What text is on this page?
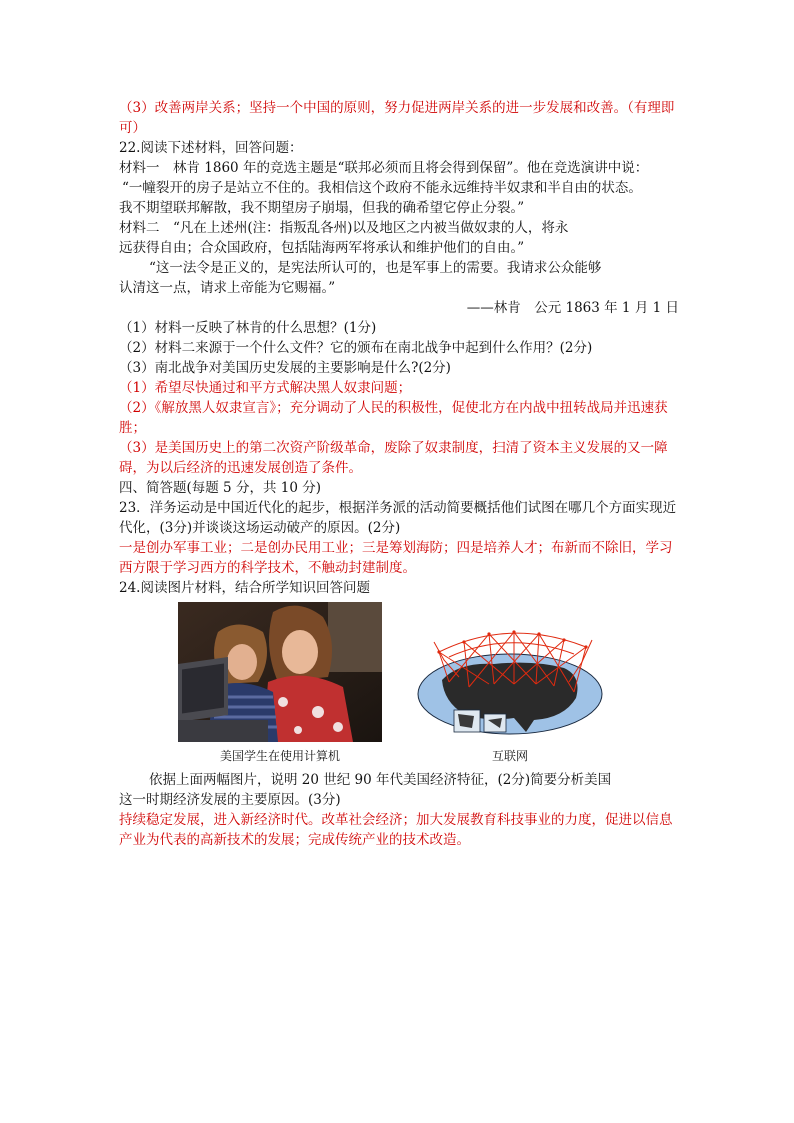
（3）改善两岸关系；坚持一个中国的原则，努力促进两岸关系的进一步发展和改善。（有理即可）
22.阅读下述材料，回答问题：
材料一　林肯 1860 年的竞选主题是“联邦必须而且将会得到保留”。他在竞选演讲中说：
“一幢裂开的房子是站立不住的。我相信这个政府不能永远维持半奴隶和半自由的状态。
我不期望联邦解散，我不期望房子崩塌，但我的确希望它停止分裂。”
材料二　“凡在上述州(注：指叛乱各州)以及地区之内被当做奴隶的人，将永
远获得自由；合众国政府，包括陆海两军将承认和维护他们的自由。”
“这一法令是正义的，是宪法所认可的，也是军事上的需要。我请求公众能够
认清这一点，请求上帝能为它赐福。”
——林肯　公元 1863 年 1 月 1 日
（1）材料一反映了林肯的什么思想？(1分)
（2）材料二来源于一个什么文件？它的颁布在南北战争中起到什么作用？(2分)
（3）南北战争对美国历史发展的主要影响是什么?(2分)
（1）希望尽快通过和平方式解决黑人奴隶问题；
（2）《解放黑人奴隶宣言》；充分调动了人民的积极性，促使北方在内战中扭转战局并迅速获胜；
（3）是美国历史上的第二次资产阶级革命，废除了奴隶制度，扫清了资本主义发展的又一障碍，为以后经济的迅速发展创造了条件。
四、简答题(每题 5 分，共 10 分)
23．洋务运动是中国近代化的起步，根据洋务派的活动简要概括他们试图在哪几个方面实现近代化，(3分)并谈谈这场运动破产的原因。(2分)
一是创办军事工业；二是创办民用工业；三是筹划海防；四是培养人才；布新而不除旧，学习西方限于学习西方的科学技术，不触动封建制度。
24.阅读图片材料，结合所学知识回答问题
美国学生在使用计算机	互联网
依据上面两幅图片，说明 20 世纪 90 年代美国经济特征，(2分)简要分析美国
这一时期经济发展的主要原因。(3分)
持续稳定发展，进入新经济时代。改革社会经济；加大发展教育科技事业的力度，促进以信息产业为代表的高新技术的发展；完成传统产业的技术改造。
